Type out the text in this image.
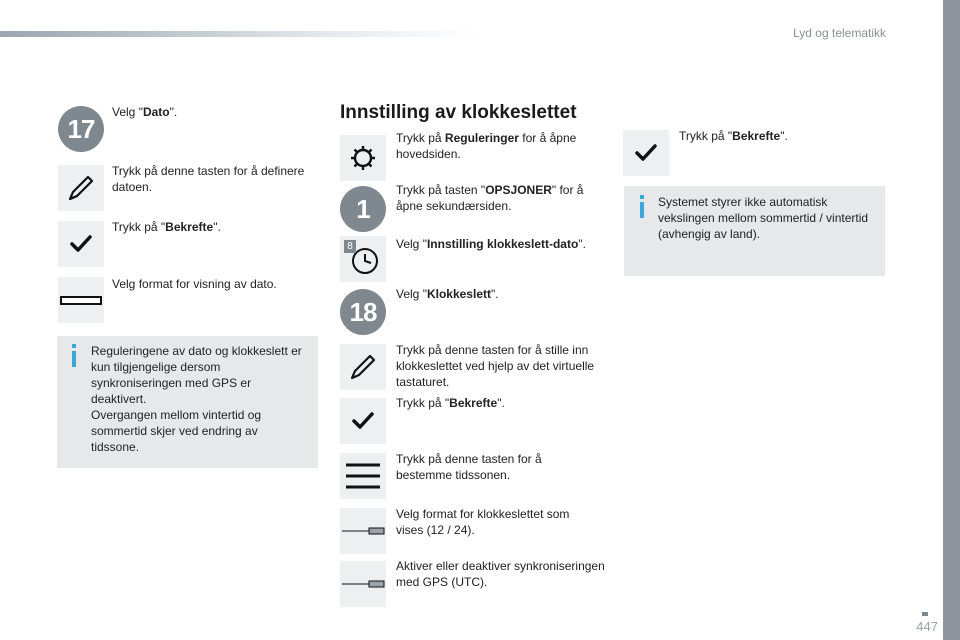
Lyd og telematikk
17
Velg "Dato".
Trykk på denne tasten for å definere datoen.
Trykk på "Bekrefte".
Velg format for visning av dato.
Reguleringene av dato og klokkeslett er kun tilgjengelige dersom synkroniseringen med GPS er deaktivert.
Overgangen mellom vintertid og sommertid skjer ved endring av tidssone.
Innstilling av klokkeslettet
Trykk på Reguleringer for å åpne hovedsiden.
1
Trykk på tasten "OPSJONER" for å åpne sekundærsiden.
8	Velg "Innstilling klokkeslett-dato".
18
Velg "Klokkeslett".
Trykk på denne tasten for å stille inn klokkeslettet ved hjelp av det virtuelle tastaturet.
Trykk på "Bekrefte".
Trykk på denne tasten for å bestemme tidssonen.
Velg format for klokkeslettet som vises (12 / 24).
Aktiver eller deaktiver synkroniseringen med GPS (UTC).
Trykk på "Bekrefte".
Systemet styrer ikke automatisk vekslingen mellom sommertid / vintertid (avhengig av land).
447
